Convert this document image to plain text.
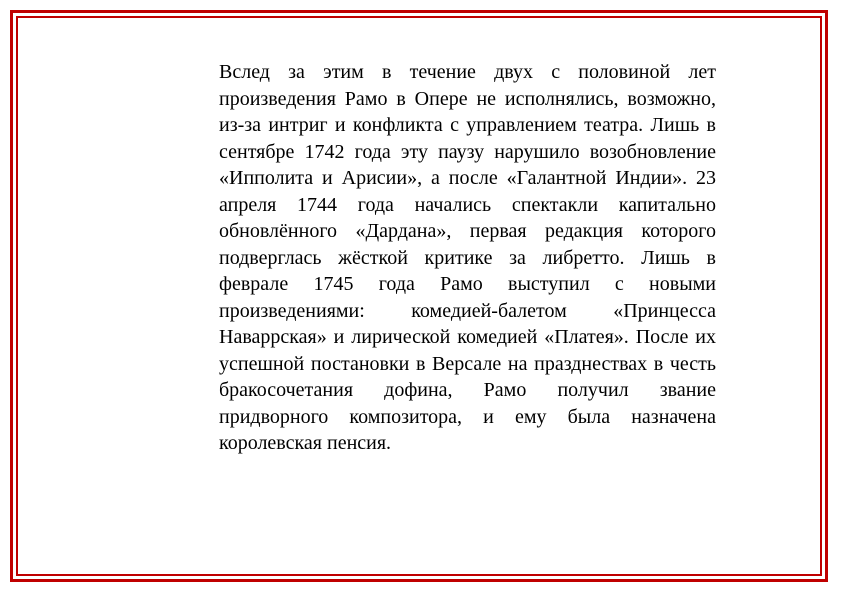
Вслед за этим в течение двух с половиной лет произведения Рамо в Опере не исполнялись, возможно, из-за интриг и конфликта с управлением театра. Лишь в сентябре 1742 года эту паузу нарушило возобновление «Ипполита и Арисии», а после «Галантной Индии». 23 апреля 1744 года начались спектакли капитально обновлённого «Дардана», первая редакция которого подверглась жёсткой критике за либретто. Лишь в феврале 1745 года Рамо выступил с новыми произведениями: комедией-балетом «Принцесса Наваррская» и лирической комедией «Платея». После их успешной постановки в Версале на празднествах в честь бракосочетания дофина, Рамо получил звание придворного композитора, и ему была назначена королевская пенсия.
